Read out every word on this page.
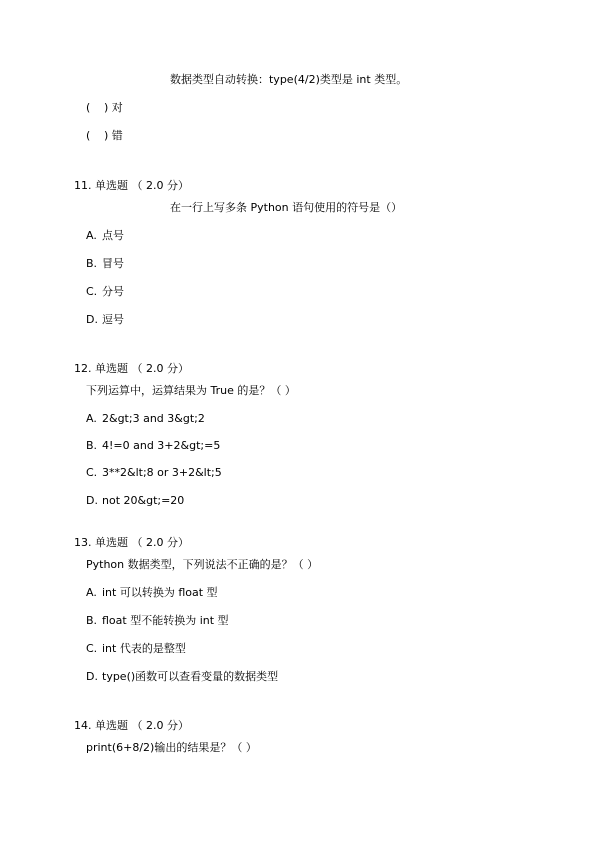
数据类型自动转换：type(4/2)类型是 int 类型。
( ) 对
( ) 错
11. 单选题 （ 2.0 分）
在一行上写多条 Python 语句使用的符号是（）
A. 点号
B. 冒号
C. 分号
D. 逗号
12. 单选题 （ 2.0 分）
下列运算中，运算结果为 True 的是？（ ）
A. 2&gt;3 and 3&gt;2
B. 4!=0 and 3+2&gt;=5
C. 3**2&lt;8 or 3+2&lt;5
D. not 20&gt;=20
13. 单选题 （ 2.0 分）
Python 数据类型，下列说法不正确的是？（ ）
A. int 可以转换为 float 型
B. float 型不能转换为 int 型
C. int 代表的是整型
D. type()函数可以查看变量的数据类型
14. 单选题 （ 2.0 分）
print(6+8/2)输出的结果是？（ ）
